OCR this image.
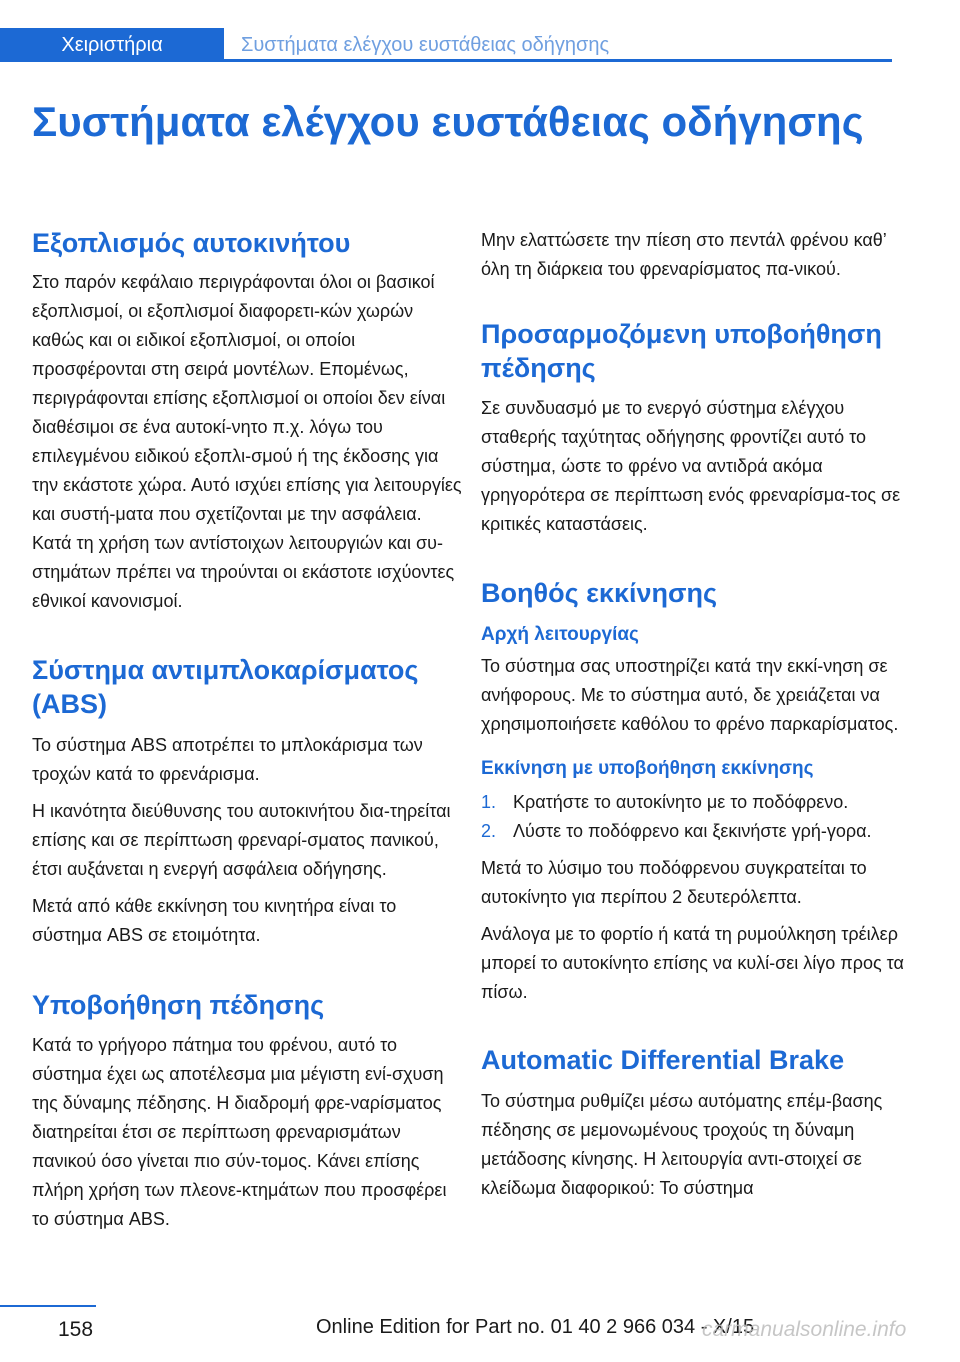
Χειριστήρια	Συστήματα ελέγχου ευστάθειας οδήγησης
Συστήματα ελέγχου ευστάθειας οδήγησης
Εξοπλισμός αυτοκινήτου

Στο παρόν κεφάλαιο περιγράφονται όλοι οι βασικοί εξοπλισμοί, οι εξοπλισμοί διαφορετι‐κών χωρών καθώς και οι ειδικοί εξοπλισμοί, οι οποίοι προσφέρονται στη σειρά μοντέλων. Επομένως, περιγράφονται επίσης εξοπλισμοί οι οποίοι δεν είναι διαθέσιμοι σε ένα αυτοκί‐νητο π.χ. λόγω του επιλεγμένου ειδικού εξοπλι‐σμού ή της έκδοσης για την εκάστοτε χώρα. Αυτό ισχύει επίσης για λειτουργίες και συστή‐ματα που σχετίζονται με την ασφάλεια. Κατά τη χρήση των αντίστοιχων λειτουργιών και συ‐στημάτων πρέπει να τηρούνται οι εκάστοτε ισχύοντες εθνικοί κανονισμοί.

Σύστημα αντιμπλοκαρίσματος (ABS)

Το σύστημα ABS αποτρέπει το μπλοκάρισμα των τροχών κατά το φρενάρισμα.

Η ικανότητα διεύθυνσης του αυτοκινήτου δια‐τηρείται επίσης και σε περίπτωση φρεναρί‐σματος πανικού, έτσι αυξάνεται η ενεργή ασφάλεια οδήγησης.

Μετά από κάθε εκκίνηση του κινητήρα είναι το σύστημα ABS σε ετοιμότητα.

Υποβοήθηση πέδησης

Κατά το γρήγορο πάτημα του φρένου, αυτό το σύστημα έχει ως αποτέλεσμα μια μέγιστη ενί‐σχυση της δύναμης πέδησης. Η διαδρομή φρε‐ναρίσματος διατηρείται έτσι σε περίπτωση φρεναρισμάτων πανικού όσο γίνεται πιο σύν‐τομος. Κάνει επίσης πλήρη χρήση των πλεονε‐κτημάτων που προσφέρει το σύστημα ABS.

Μην ελαττώσετε την πίεση στο πεντάλ φρένου καθ’ όλη τη διάρκεια του φρεναρίσματος πα‐νικού.

Προσαρμοζόμενη υποβοήθηση πέδησης

Σε συνδυασμό με το ενεργό σύστημα ελέγχου σταθερής ταχύτητας οδήγησης φροντίζει αυτό το σύστημα, ώστε το φρένο να αντιδρά ακόμα γρηγορότερα σε περίπτωση ενός φρεναρίσμα‐τος σε κριτικές καταστάσεις.

Βοηθός εκκίνησης
Αρχή λειτουργίας

Το σύστημα σας υποστηρίζει κατά την εκκί‐νηση σε ανήφορους. Με το σύστημα αυτό, δε χρειάζεται να χρησιμοποιήσετε καθόλου το φρένο παρκαρίσματος.

Εκκίνηση με υποβοήθηση εκκίνησης
1. Κρατήστε το αυτοκίνητο με το ποδόφρενο.
2. Λύστε το ποδόφρενο και ξεκινήστε γρή‐γορα.

Μετά το λύσιμο του ποδόφρενου συγκρατείται το αυτοκίνητο για περίπου 2 δευτερόλεπτα.

Ανάλογα με το φορτίο ή κατά τη ρυμούλκηση τρέιλερ μπορεί το αυτοκίνητο επίσης να κυλί‐σει λίγο προς τα πίσω.

Automatic Differential Brake

Το σύστημα ρυθμίζει μέσω αυτόματης επέμ‐βασης πέδησης σε μεμονωμένους τροχούς τη δύναμη μετάδοσης κίνησης. Η λειτουργία αντι‐στοιχεί σε κλείδωμα διαφορικού: Το σύστημα

158	Online Edition for Part no. 01 40 2 966 034 - X/15
carmanualsonline.info
